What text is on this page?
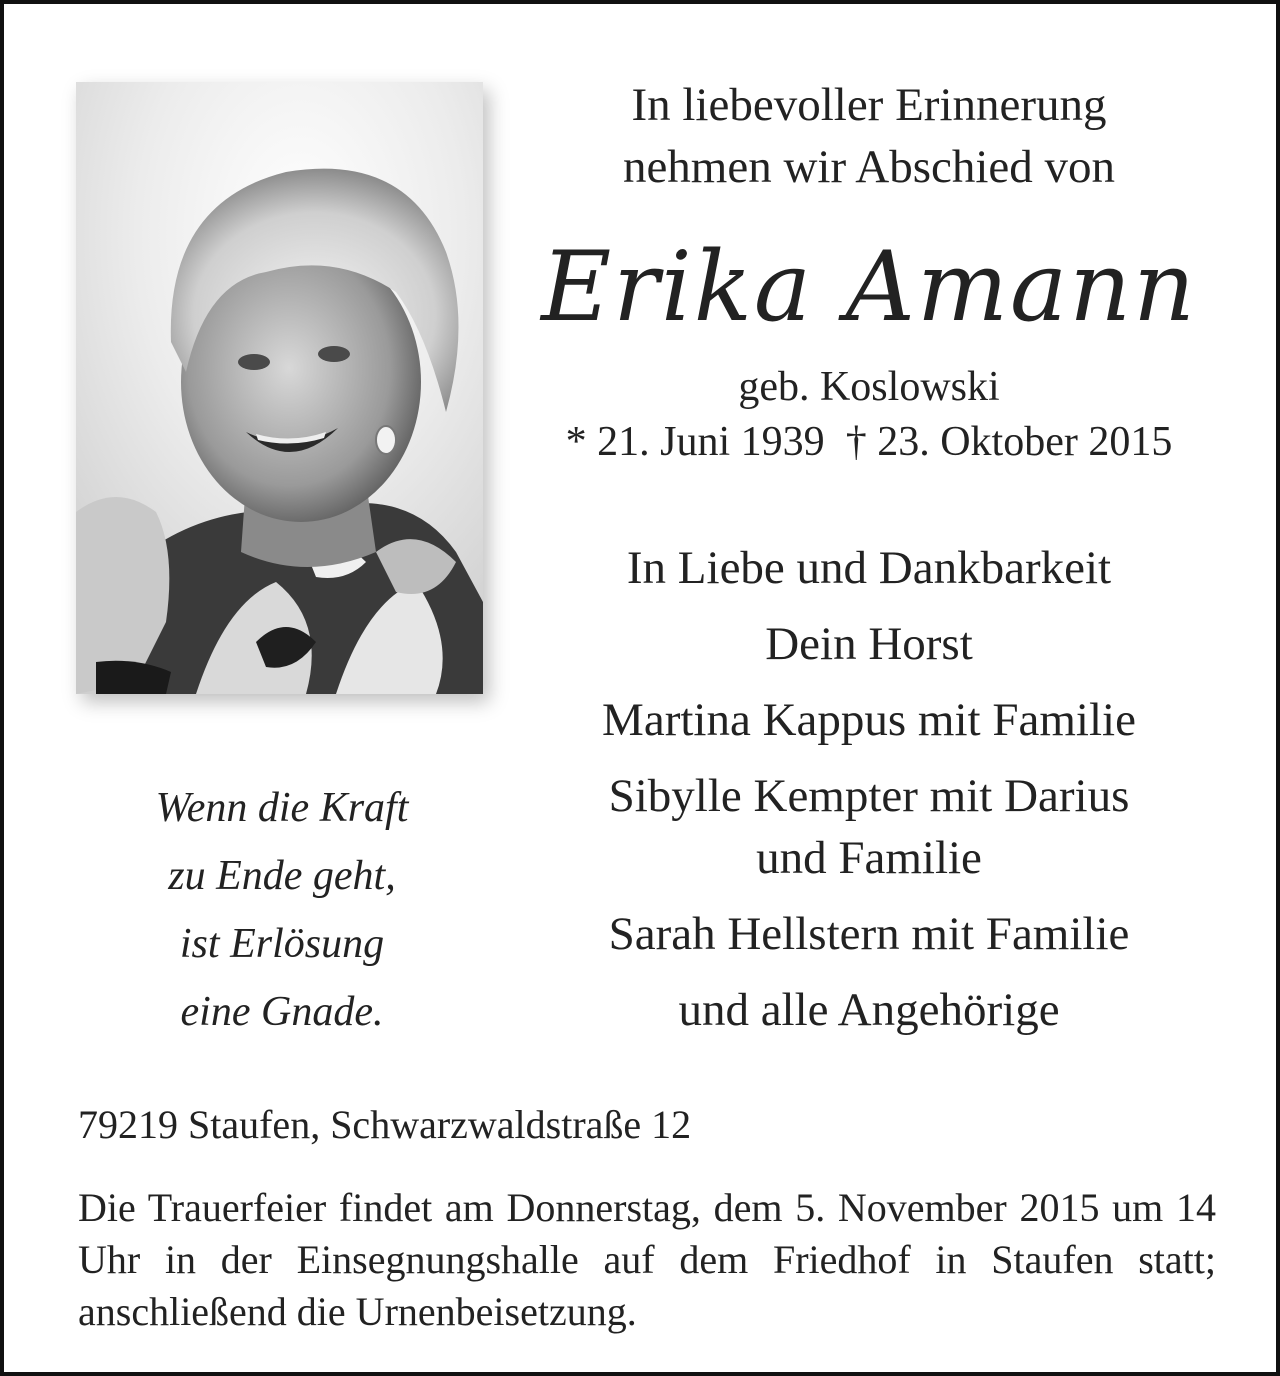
In liebevoller Erinnerung
nehmen wir Abschied von
Erika Amann
geb. Koslowski
* 21. Juni 1939 † 23. Oktober 2015
In Liebe und Dankbarkeit
Dein Horst
Martina Kappus mit Familie
Sibylle Kempter mit Darius
und Familie
Sarah Hellstern mit Familie
und alle Angehörige
Wenn die Kraft
zu Ende geht,
ist Erlösung
eine Gnade.
79219 Staufen, Schwarzwaldstraße 12
Die Trauerfeier findet am Donnerstag, dem 5. November 2015 um 14 Uhr in der Einsegnungshalle auf dem Friedhof in Staufen statt; anschließend die Urnenbeisetzung.
